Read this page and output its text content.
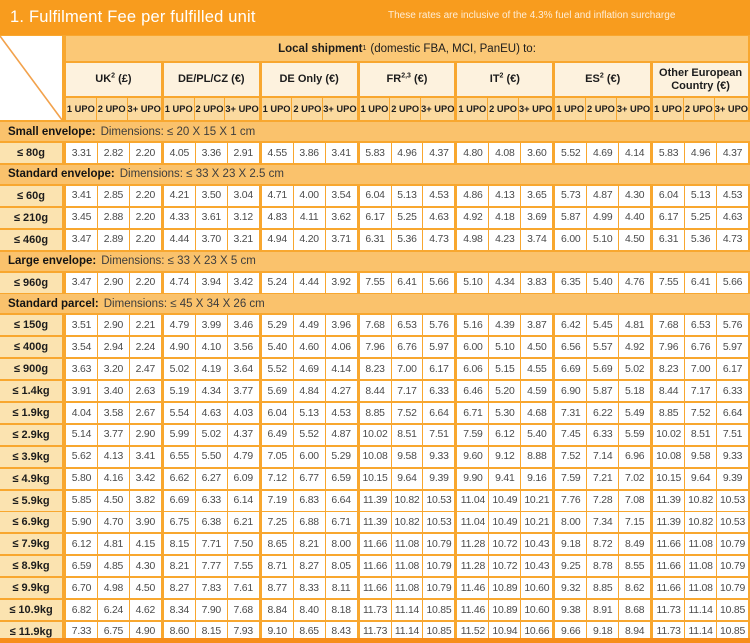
1. Fulfilment Fee per fulfilled unit	These rates are inclusive of the 4.3% fuel and inflation surcharge
Local shipment 1 (domestic FBA, MCI, PanEU) to:
$UK^2$ (£)	DE/PL/CZ (€)	DE Only (€)	FR$^{2,3}$ (€)	$IT^2$ (€)	$ES^2$ (€)
Other European Country (€)
1 UPO 2 UPO 3+ UPO 1 UPO 2 UPO 3+ UPO 1 UPO 2 UPO 3+ UPO 1 UPO 2 UPO 3+ UPO 1 UPO 2 UPO 3+ UPO 1 UPO 2 UPO 3+ UPO 1 UPO 2 UPO 3+ UPO
Small envelope: Dimensions: ≤ 20 X 15 X 1 cm
≤ 80g	3.31	2.82	2.20	4.05	3.36	2.91	4.55	3.86	3.41	5.83	4.96	4.37	4.80	4.08	3.60	5.52	4.69	4.14	5.83	4.96	4.37
Standard envelope: Dimensions: ≤ 33 X 23 X 2.5 cm
≤ 60g	3.41	2.85	2.20	4.21	3.50	3.04	4.71	4.00	3.54	6.04	5.13	4.53	4.86	4.13	3.65	5.73	4.87	4.30	6.04	5.13	4.53
≤ 210g	3.45	2.88	2.20	4.33	3.61	3.12	4.83	4.11	3.62	6.17	5.25	4.63	4.92	4.18	3.69	5.87	4.99	4.40	6.17	5.25	4.63
≤ 460g	3.47	2.89	2.20	4.44	3.70	3.21	4.94	4.20	3.71	6.31	5.36	4.73	4.98	4.23	3.74	6.00	5.10	4.50	6.31	5.36	4.73
Large envelope: Dimensions: ≤ 33 X 23 X 5 cm
≤ 960g	3.47	2.90	2.20	4.74	3.94	3.42	5.24	4.44	3.92	7.55	6.41	5.66	5.10	4.34	3.83	6.35	5.40	4.76	7.55	6.41	5.66
Standard parcel: Dimensions: ≤ 45 X 34 X 26 cm
≤ 150g	3.51	2.90	2.21	4.79	3.99	3.46	5.29	4.49	3.96	7.68	6.53	5.76	5.16	4.39	3.87	6.42	5.45	4.81	7.68	6.53	5.76
≤ 400g	3.54	2.94	2.24	4.90	4.10	3.56	5.40	4.60	4.06	7.96	6.76	5.97	6.00	5.10	4.50	6.56	5.57	4.92	7.96	6.76	5.97
≤ 900g	3.63	3.20	2.47	5.02	4.19	3.64	5.52	4.69	4.14	8.23	7.00	6.17	6.06	5.15	4.55	6.69	5.69	5.02	8.23	7.00	6.17
≤ 1.4kg	3.91	3.40	2.63	5.19	4.34	3.77	5.69	4.84	4.27	8.44	7.17	6.33	6.46	5.20	4.59	6.90	5.87	5.18	8.44	7.17	6.33
≤ 1.9kg	4.04	3.58	2.67	5.54	4.63	4.03	6.04	5.13	4.53	8.85	7.52	6.64	6.71	5.30	4.68	7.31	6.22	5.49	8.85	7.52	6.64
≤ 2.9kg	5.14	3.77	2.90	5.99	5.02	4.37	6.49	5.52	4.87	10.02 8.51	7.51	7.59	6.12	5.40	7.45	6.33	5.59	10.02 8.51	7.51
≤ 3.9kg	5.62	4.13	3.41	6.55	5.50	4.79	7.05	6.00	5.29	10.08 9.58	9.33	9.60	9.12	8.88	7.52	7.14	6.96	10.08 9.58	9.33
≤ 4.9kg	5.80	4.16	3.42	6.62	6.27	6.09	7.12	6.77	6.59	10.15 9.64	9.39	9.90	9.41	9.16	7.59	7.21	7.02	10.15 9.64	9.39
≤ 5.9kg	5.85	4.50	3.82	6.69	6.33	6.14	7.19	6.83	6.64	11.39 10.82 10.53 11.04 10.49 10.21	7.76	7.28	7.08	11.39 10.82 10.53
≤ 6.9kg	5.90	4.70	3.90	6.75	6.38	6.21	7.25	6.88	6.71	11.39 10.82 10.53 11.04 10.49 10.21	8.00	7.34	7.15	11.39 10.82 10.53
≤ 7.9kg	6.12	4.81	4.15	8.15	7.71	7.50	8.65	8.21	8.00	11.66 11.08 10.79 11.28 10.72 10.43	9.18	8.72	8.49	11.66 11.08 10.79
≤ 8.9kg	6.59	4.85	4.30	8.21	7.77	7.55	8.71	8.27	8.05	11.66 11.08 10.79 11.28 10.72 10.43	9.25	8.78	8.55	11.66 11.08 10.79
≤ 9.9kg	6.70	4.98	4.50	8.27	7.83	7.61	8.77	8.33	8.11	11.66 11.08 10.79 11.46 10.89 10.60	9.32	8.85	8.62	11.66 11.08 10.79
≤ 10.9kg	6.82	6.24	4.62	8.34	7.90	7.68	8.84	8.40	8.18	11.73 11.14 10.85 11.46 10.89 10.60	9.38	8.91	8.68	11.73 11.14 10.85
≤ 11.9kg	7.33	6.75	4.90	8.60	8.15	7.93	9.10	8.65	8.43	11.73 11.14 10.85 11.52 10.94 10.66	9.66	9.18	8.94	11.73 11.14 10.85
